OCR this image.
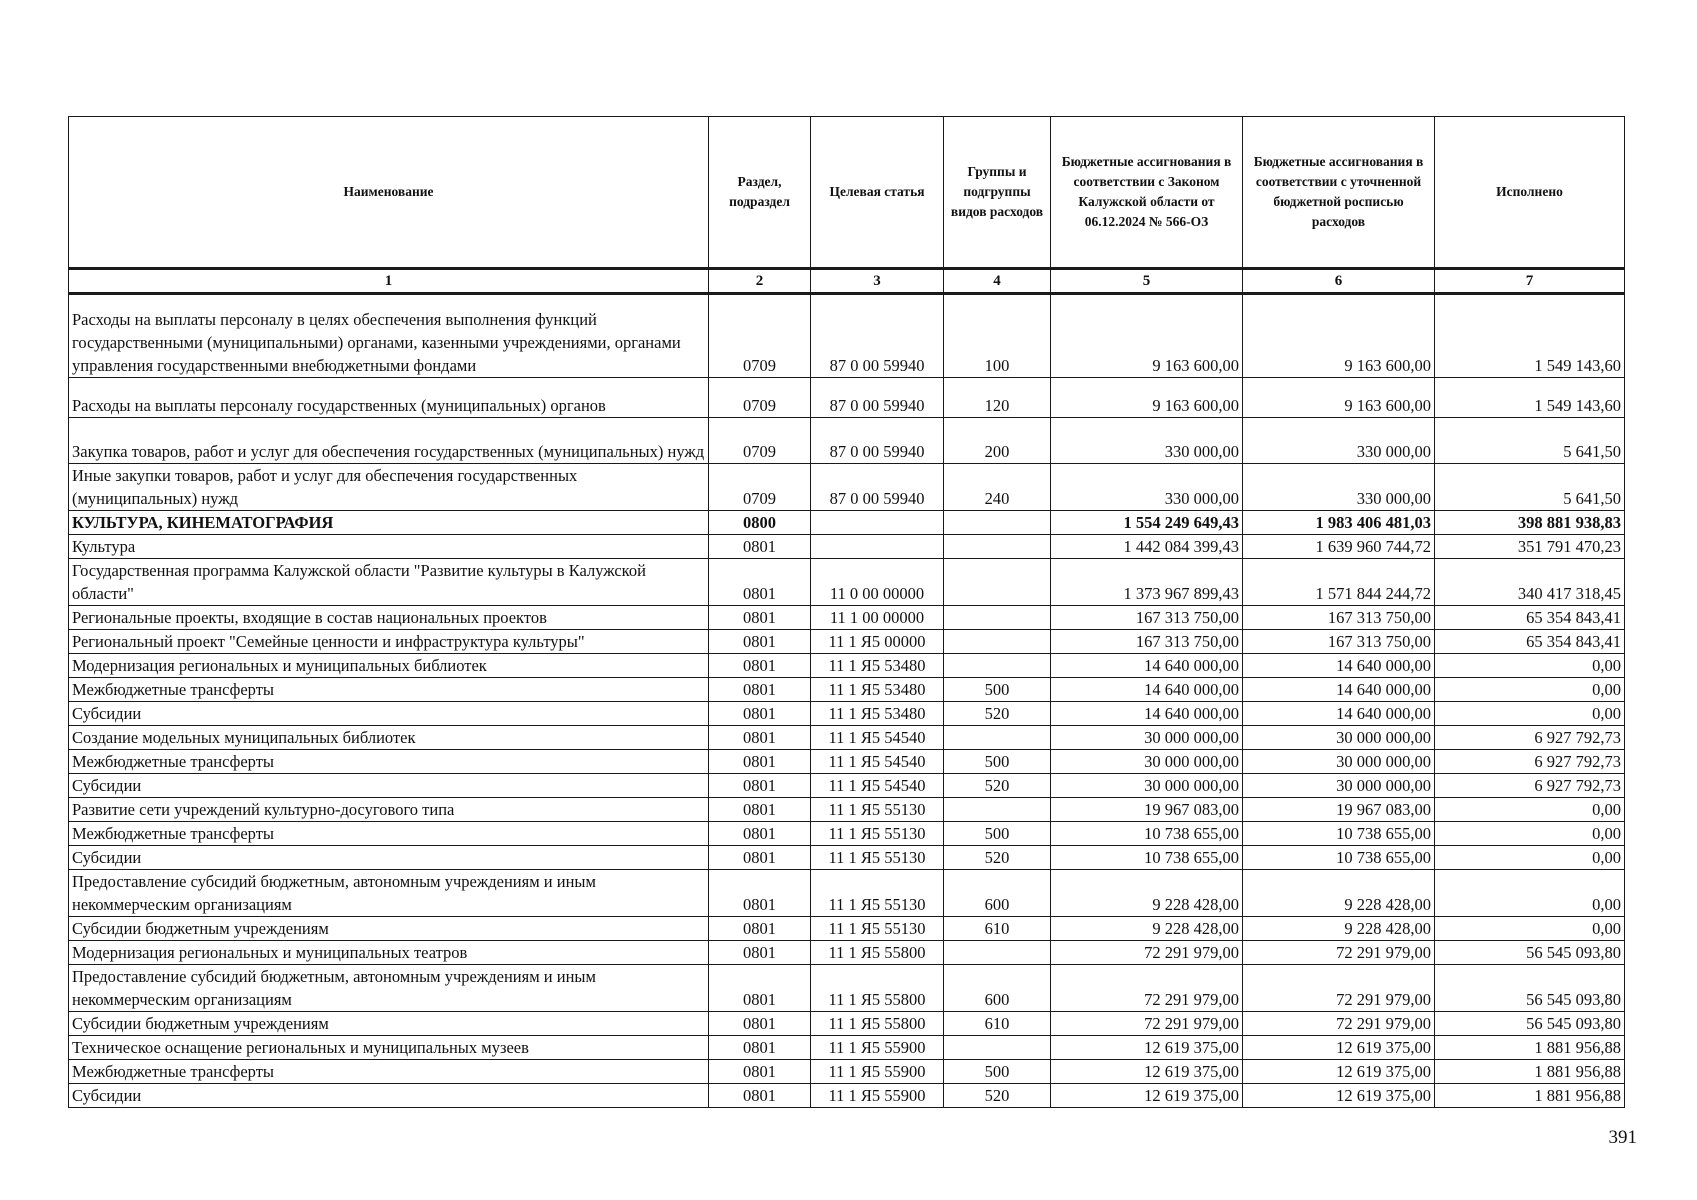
Наименование	Раздел, подраздел	Целевая статья	Группы и подгруппы видов расходов	Бюджетные ассигнования в соответствии с Законом Калужской области от 06.12.2024 № 566-ОЗ	Бюджетные ассигнования в соответствии с уточненной бюджетной росписью расходов	Исполнено
1	2	3	4	5	6	7
Расходы на выплаты персоналу в целях обеспечения выполнения функций государственными (муниципальными) органами, казенными учреждениями, органами управления государственными внебюджетными фондами	0709	87 0 00 59940	100	9 163 600,00	9 163 600,00	1 549 143,60
Расходы на выплаты персоналу государственных (муниципальных) органов	0709	87 0 00 59940	120	9 163 600,00	9 163 600,00	1 549 143,60
Закупка товаров, работ и услуг для обеспечения государственных (муниципальных) нужд	0709	87 0 00 59940	200	330 000,00	330 000,00	5 641,50
Иные закупки товаров, работ и услуг для обеспечения государственных (муниципальных) нужд	0709	87 0 00 59940	240	330 000,00	330 000,00	5 641,50
КУЛЬТУРА, КИНЕМАТОГРАФИЯ	0800			1 554 249 649,43	1 983 406 481,03	398 881 938,83
Культура	0801			1 442 084 399,43	1 639 960 744,72	351 791 470,23
Государственная программа Калужской области "Развитие культуры в Калужской области"	0801	11 0 00 00000		1 373 967 899,43	1 571 844 244,72	340 417 318,45
Региональные проекты, входящие в состав национальных проектов	0801	11 1 00 00000		167 313 750,00	167 313 750,00	65 354 843,41
Региональный проект "Семейные ценности и инфраструктура культуры"	0801	11 1 Я5 00000		167 313 750,00	167 313 750,00	65 354 843,41
Модернизация региональных и муниципальных библиотек	0801	11 1 Я5 53480		14 640 000,00	14 640 000,00	0,00
Межбюджетные трансферты	0801	11 1 Я5 53480	500	14 640 000,00	14 640 000,00	0,00
Субсидии	0801	11 1 Я5 53480	520	14 640 000,00	14 640 000,00	0,00
Создание модельных муниципальных библиотек	0801	11 1 Я5 54540		30 000 000,00	30 000 000,00	6 927 792,73
Межбюджетные трансферты	0801	11 1 Я5 54540	500	30 000 000,00	30 000 000,00	6 927 792,73
Субсидии	0801	11 1 Я5 54540	520	30 000 000,00	30 000 000,00	6 927 792,73
Развитие сети учреждений культурно-досугового типа	0801	11 1 Я5 55130		19 967 083,00	19 967 083,00	0,00
Межбюджетные трансферты	0801	11 1 Я5 55130	500	10 738 655,00	10 738 655,00	0,00
Субсидии	0801	11 1 Я5 55130	520	10 738 655,00	10 738 655,00	0,00
Предоставление субсидий бюджетным, автономным учреждениям и иным некоммерческим организациям	0801	11 1 Я5 55130	600	9 228 428,00	9 228 428,00	0,00
Субсидии бюджетным учреждениям	0801	11 1 Я5 55130	610	9 228 428,00	9 228 428,00	0,00
Модернизация региональных и муниципальных театров	0801	11 1 Я5 55800		72 291 979,00	72 291 979,00	56 545 093,80
Предоставление субсидий бюджетным, автономным учреждениям и иным некоммерческим организациям	0801	11 1 Я5 55800	600	72 291 979,00	72 291 979,00	56 545 093,80
Субсидии бюджетным учреждениям	0801	11 1 Я5 55800	610	72 291 979,00	72 291 979,00	56 545 093,80
Техническое оснащение региональных и муниципальных музеев	0801	11 1 Я5 55900		12 619 375,00	12 619 375,00	1 881 956,88
Межбюджетные трансферты	0801	11 1 Я5 55900	500	12 619 375,00	12 619 375,00	1 881 956,88
Субсидии	0801	11 1 Я5 55900	520	12 619 375,00	12 619 375,00	1 881 956,88
391
